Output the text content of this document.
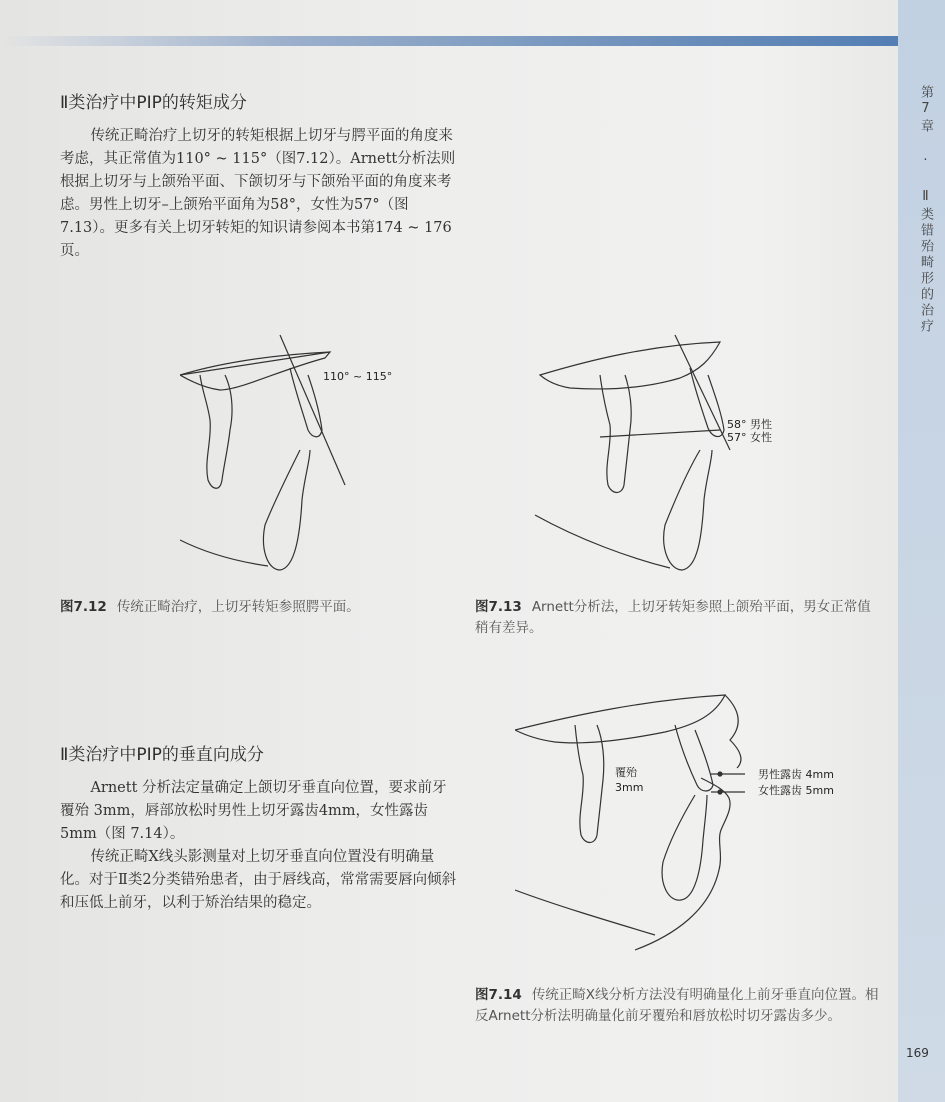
第7章 · Ⅱ类错殆畸形的治疗
Ⅱ类治疗中PIP的转矩成分

传统正畸治疗上切牙的转矩根据上切牙与腭平面的角度来考虑，其正常值为110° ~ 115°（图7.12）。Arnett分析法则根据上切牙与上颌殆平面、下颌切牙与下颌殆平面的角度来考虑。男性上切牙–上颌殆平面角为58°，女性为57°（图7.13）。更多有关上切牙转矩的知识请参阅本书第174 ~ 176页。

110° ~ 115°
图7.12 传统正畸治疗，上切牙转矩参照腭平面。
58° 男性
57° 女性
图7.13 Arnett分析法，上切牙转矩参照上颌殆平面，男女正常值稍有差异。
Ⅱ类治疗中PIP的垂直向成分

Arnett 分析法定量确定上颌切牙垂直向位置，要求前牙覆殆 3mm，唇部放松时男性上切牙露齿4mm，女性露齿 5mm（图 7.14）。

传统正畸X线头影测量对上切牙垂直向位置没有明确量化。对于Ⅱ类2分类错殆患者，由于唇线高，常常需要唇向倾斜和压低上前牙，以利于矫治结果的稳定。

覆殆
3mm
男性露齿 4mm
女性露齿 5mm
图7.14 传统正畸X线分析方法没有明确量化上前牙垂直向位置。相反Arnett分析法明确量化前牙覆殆和唇放松时切牙露齿多少。
169
